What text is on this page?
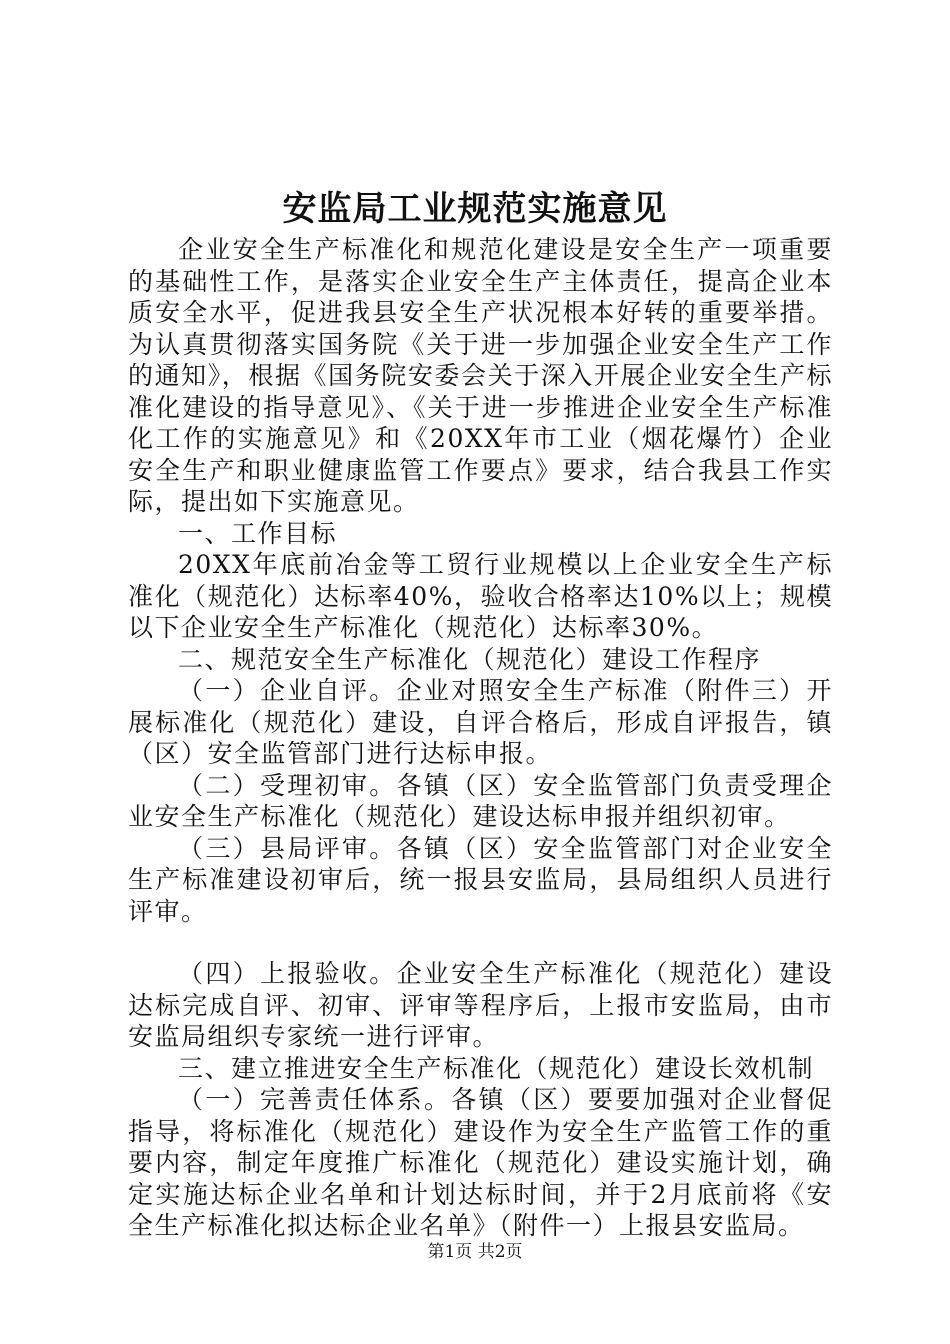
安监局工业规范实施意见

企业安全生产标准化和规范化建设是安全生产一项重要的基础性工作，是落实企业安全生产主体责任，提高企业本质安全水平，促进我县安全生产状况根本好转的重要举措。为认真贯彻落实国务院《关于进一步加强企业安全生产工作的通知》，根据《国务院安委会关于深入开展企业安全生产标准化建设的指导意见》、《关于进一步推进企业安全生产标准化工作的实施意见》和《20XX年市工业（烟花爆竹）企业安全生产和职业健康监管工作要点》要求，结合我县工作实际，提出如下实施意见。

一、工作目标

20XX年底前冶金等工贸行业规模以上企业安全生产标准化（规范化）达标率40%，验收合格率达10%以上；规模以下企业安全生产标准化（规范化）达标率30%。

二、规范安全生产标准化（规范化）建设工作程序

（一）企业自评。企业对照安全生产标准（附件三）开展标准化（规范化）建设，自评合格后，形成自评报告，镇（区）安全监管部门进行达标申报。

（二）受理初审。各镇（区）安全监管部门负责受理企业安全生产标准化（规范化）建设达标申报并组织初审。

（三）县局评审。各镇（区）安全监管部门对企业安全生产标准建设初审后，统一报县安监局，县局组织人员进行评审。

（四）上报验收。企业安全生产标准化（规范化）建设达标完成自评、初审、评审等程序后，上报市安监局，由市安监局组织专家统一进行评审。

三、建立推进安全生产标准化（规范化）建设长效机制

（一）完善责任体系。各镇（区）要要加强对企业督促指导，将标准化（规范化）建设作为安全生产监管工作的重要内容，制定年度推广标准化（规范化）建设实施计划，确定实施达标企业名单和计划达标时间，并于2月底前将《安全生产标准化拟达标企业名单》（附件一）上报县安监局。

第1页 共2页
